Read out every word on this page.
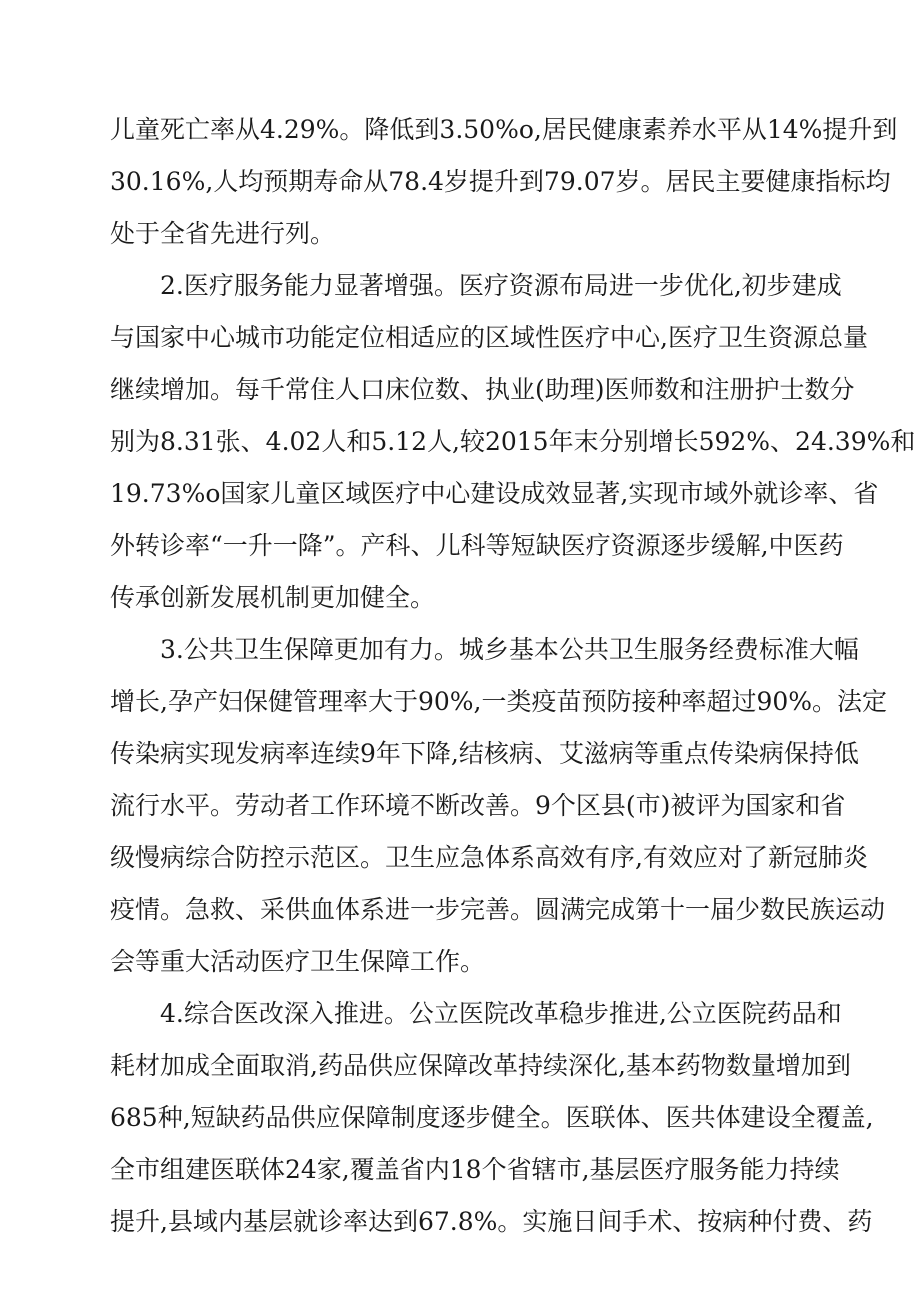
儿童死亡率从4.29%。降低到3.50%o,居民健康素养水平从14%提升到
30.16%,人均预期寿命从78.4岁提升到79.07岁。居民主要健康指标均
处于全省先进行列。
2.医疗服务能力显著增强。医疗资源布局进一步优化,初步建成
与国家中心城市功能定位相适应的区域性医疗中心,医疗卫生资源总量
继续增加。每千常住人口床位数、执业(助理)医师数和注册护士数分
别为8.31张、4.02人和5.12人,较2015年末分别增长592%、24.39%和
19.73%o国家儿童区域医疗中心建设成效显著,实现市域外就诊率、省
外转诊率“一升一降”。产科、儿科等短缺医疗资源逐步缓解,中医药
传承创新发展机制更加健全。
3.公共卫生保障更加有力。城乡基本公共卫生服务经费标准大幅
增长,孕产妇保健管理率大于90%,一类疫苗预防接种率超过90%。法定
传染病实现发病率连续9年下降,结核病、艾滋病等重点传染病保持低
流行水平。劳动者工作环境不断改善。9个区县(市)被评为国家和省
级慢病综合防控示范区。卫生应急体系高效有序,有效应对了新冠肺炎
疫情。急救、采供血体系进一步完善。圆满完成第十一届少数民族运动
会等重大活动医疗卫生保障工作。
4.综合医改深入推进。公立医院改革稳步推进,公立医院药品和
耗材加成全面取消,药品供应保障改革持续深化,基本药物数量增加到
685种,短缺药品供应保障制度逐步健全。医联体、医共体建设全覆盖,
全市组建医联体24家,覆盖省内18个省辖市,基层医疗服务能力持续
提升,县域内基层就诊率达到67.8%。实施日间手术、按病种付费、药
